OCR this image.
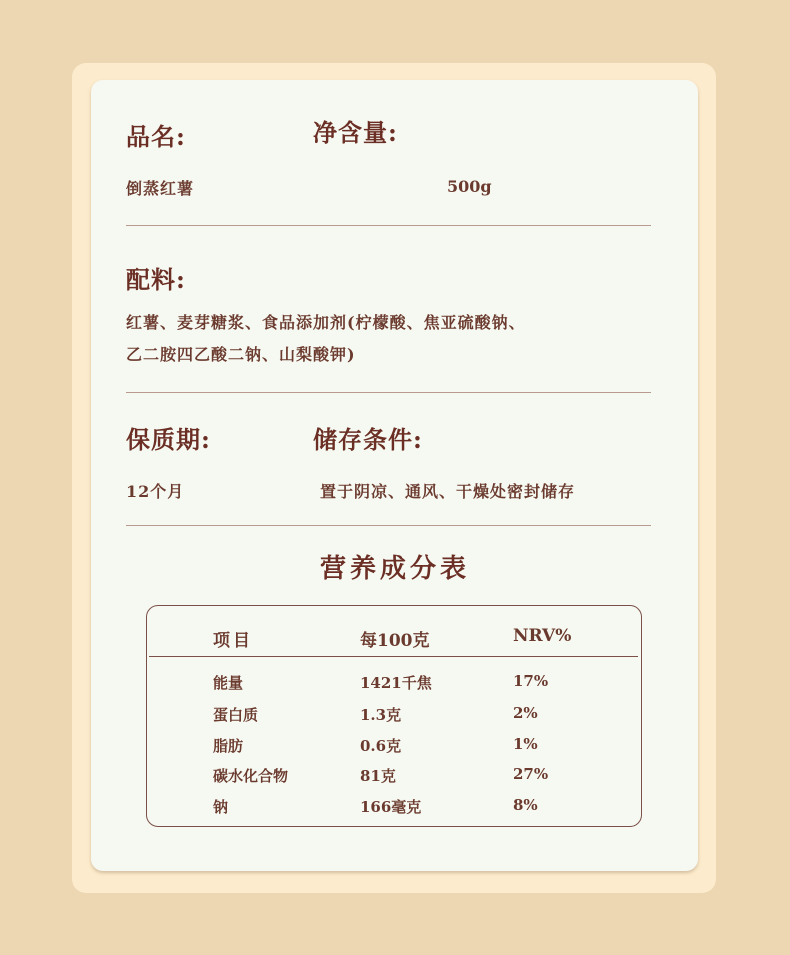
品名:	净含量:
倒蒸红薯	500g
配料:
红薯、麦芽糖浆、食品添加剂(柠檬酸、焦亚硫酸钠、
乙二胺四乙酸二钠、山梨酸钾)
保质期:	储存条件:
12个月	置于阴凉、通风、干燥处密封储存
营养成分表
项目	每100克	NRV%
能量	1421千焦	17%
蛋白质	1.3克	2%
脂肪	0.6克	1%
碳水化合物	81克	27%
钠	166毫克	8%
